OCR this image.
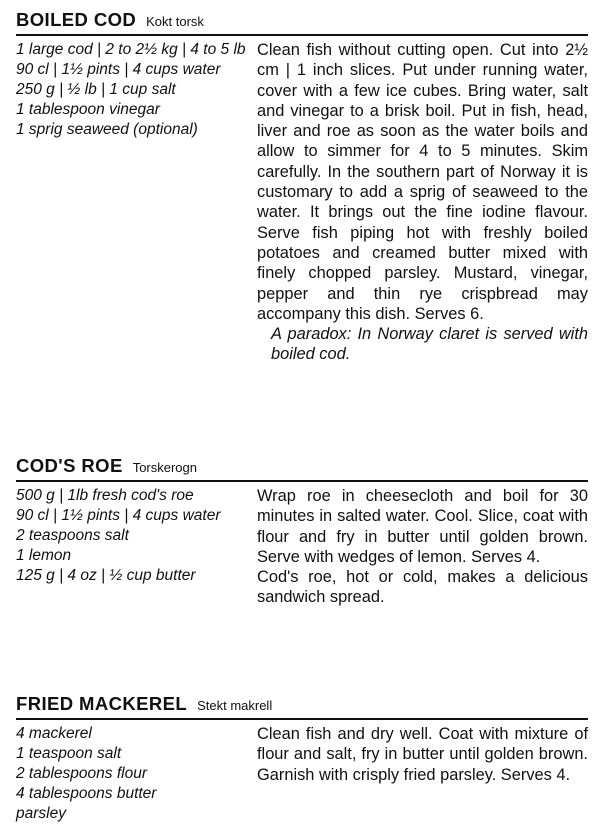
BOILED COD Kokt torsk

1 large cod | 2 to 2½ kg | 4 to 5 lb

90 cl | 1½ pints | 4 cups water

250 g | ½ lb | 1 cup salt

1 tablespoon vinegar

1 sprig seaweed (optional)

Clean fish without cutting open. Cut into 2½ cm | 1 inch slices. Put under running water, cover with a few ice cubes. Bring water, salt and vinegar to a brisk boil. Put in fish, head, liver and roe as soon as the water boils and allow to simmer for 4 to 5 minutes. Skim carefully. In the southern part of Norway it is customary to add a sprig of seaweed to the water. It brings out the fine iodine flavour. Serve fish piping hot with freshly boiled potatoes and creamed butter mixed with finely chopped parsley. Mustard, vinegar, pepper and thin rye crispbread may accompany this dish. Serves 6.

A paradox: In Norway claret is served with boiled cod.

COD'S ROE Torskerogn

500 g | 1lb fresh cod's roe

90 cl | 1½ pints | 4 cups water

2 teaspoons salt

1 lemon

125 g | 4 oz | ½ cup butter

Wrap roe in cheesecloth and boil for 30 minutes in salted water. Cool. Slice, coat with flour and fry in butter until golden brown. Serve with wedges of lemon. Serves 4.

Cod's roe, hot or cold, makes a delicious sandwich spread.

FRIED MACKEREL Stekt makrell

4 mackerel

1 teaspoon salt

2 tablespoons flour

4 tablespoons butter

parsley

Clean fish and dry well. Coat with mixture of flour and salt, fry in butter until golden brown. Garnish with crisply fried parsley. Serves 4.
